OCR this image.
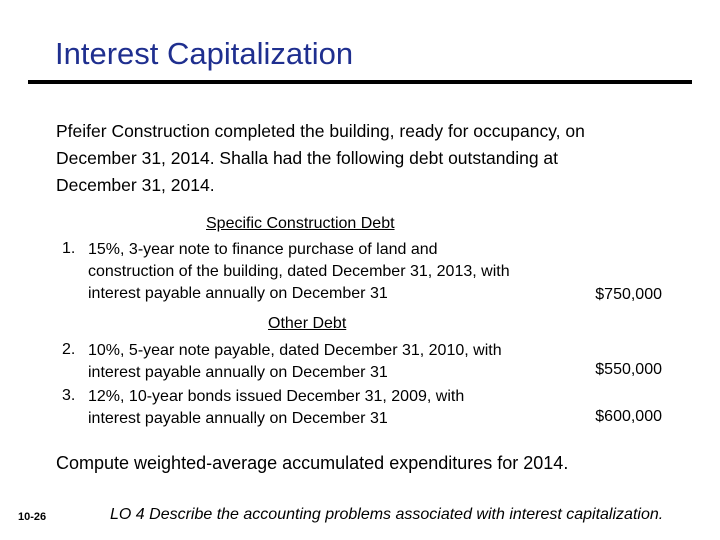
Interest Capitalization
Pfeifer Construction completed the building, ready for occupancy, on
December 31, 2014. Shalla had the following debt outstanding at
December 31, 2014.
Specific Construction Debt
1. 15%, 3-year note to finance purchase of land and
construction of the building, dated December 31, 2013, with
interest payable annually on December 31	$750,000
Other Debt
2. 10%, 5-year note payable, dated December 31, 2010, with
interest payable annually on December 31	$550,000
3. 12%, 10-year bonds issued December 31, 2009, with
interest payable annually on December 31	$600,000
Compute weighted-average accumulated expenditures for 2014.
10-26	LO 4 Describe the accounting problems associated with interest capitalization.
